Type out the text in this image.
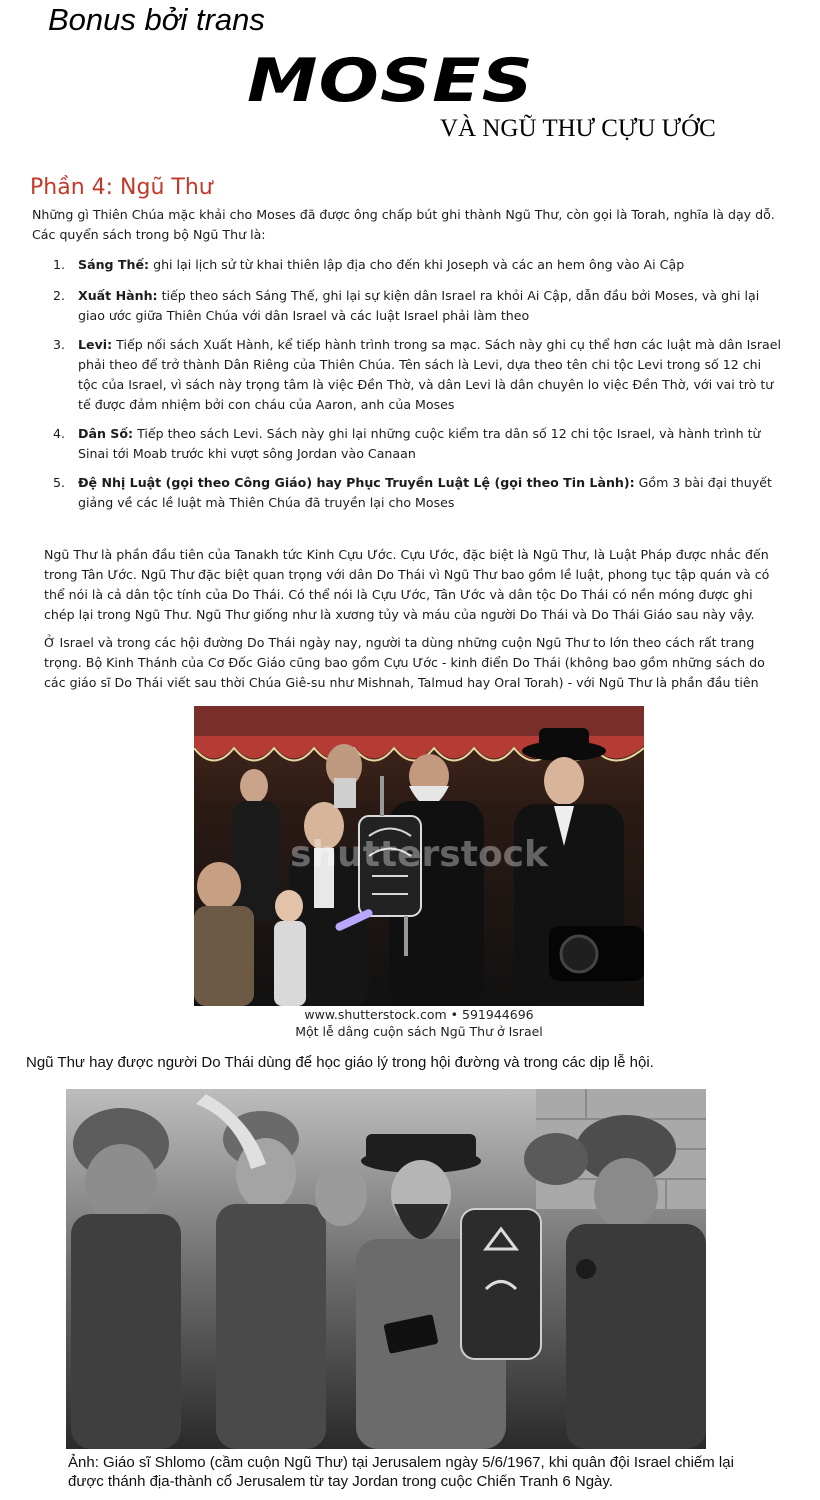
Bonus bởi trans
MOSES
VÀ NGŨ THƯ CỰU ƯỚC
Phần 4: Ngũ Thư
Những gì Thiên Chúa mặc khải cho Moses đã được ông chấp bút ghi thành Ngũ Thư, còn gọi là Torah, nghĩa là dạy dỗ. Các quyển sách trong bộ Ngũ Thư là:
1.	Sáng Thế: ghi lại lịch sử từ khai thiên lập địa cho đến khi Joseph và các an hem ông vào Ai Cập
2.	Xuất Hành: tiếp theo sách Sáng Thế, ghi lại sự kiện dân Israel ra khỏi Ai Cập, dẫn đầu bởi Moses, và ghi lại giao ước giữa Thiên Chúa với dân Israel và các luật Israel phải làm theo
3.	Levi: Tiếp nối sách Xuất Hành, kể tiếp hành trình trong sa mạc. Sách này ghi cụ thể hơn các luật mà dân Israel phải theo để trở thành Dân Riêng của Thiên Chúa. Tên sách là Levi, dựa theo tên chi tộc Levi trong số 12 chi tộc của Israel, vì sách này trọng tâm là việc Đền Thờ, và dân Levi là dân chuyên lo việc Đền Thờ, với vai trò tư tế được đảm nhiệm bởi con cháu của Aaron, anh của Moses
4.	Dân Số: Tiếp theo sách Levi. Sách này ghi lại những cuộc kiểm tra dân số 12 chi tộc Israel, và hành trình từ Sinai tới Moab trước khi vượt sông Jordan vào Canaan
5.	Đệ Nhị Luật (gọi theo Công Giáo) hay Phục Truyền Luật Lệ (gọi theo Tin Lành): Gồm 3 bài đại thuyết giảng về các lề luật mà Thiên Chúa đã truyền lại cho Moses
Ngũ Thư là phần đầu tiên của Tanakh tức Kinh Cựu Ước. Cựu Ước, đặc biệt là Ngũ Thư, là Luật Pháp được nhắc đến trong Tân Ước. Ngũ Thư đặc biệt quan trọng với dân Do Thái vì Ngũ Thư bao gồm lề luật, phong tục tập quán và có thể nói là cả dân tộc tính của Do Thái. Có thể nói là Cựu Ước, Tân Ước và dân tộc Do Thái có nền móng được ghi chép lại trong Ngũ Thư. Ngũ Thư giống như là xương tủy và máu của người Do Thái và Do Thái Giáo sau này vậy.
Ở Israel và trong các hội đường Do Thái ngày nay, người ta dùng những cuộn Ngũ Thư to lớn theo cách rất trang trọng. Bộ Kinh Thánh của Cơ Đốc Giáo cũng bao gồm Cựu Ước - kinh điển Do Thái (không bao gồm những sách do các giáo sĩ Do Thái viết sau thời Chúa Giê-su như Mishnah, Talmud hay Oral Torah) - với Ngũ Thư là phần đầu tiên
shutterstock
www.shutterstock.com • 591944696
Một lễ dâng cuộn sách Ngũ Thư ở Israel
Ngũ Thư hay được người Do Thái dùng để học giáo lý trong hội đường và trong các dịp lễ hội.
Ảnh: Giáo sĩ Shlomo (cầm cuộn Ngũ Thư) tại Jerusalem ngày 5/6/1967, khi quân đội Israel chiếm lại được thánh địa-thành cổ Jerusalem từ tay Jordan trong cuộc Chiến Tranh 6 Ngày.
